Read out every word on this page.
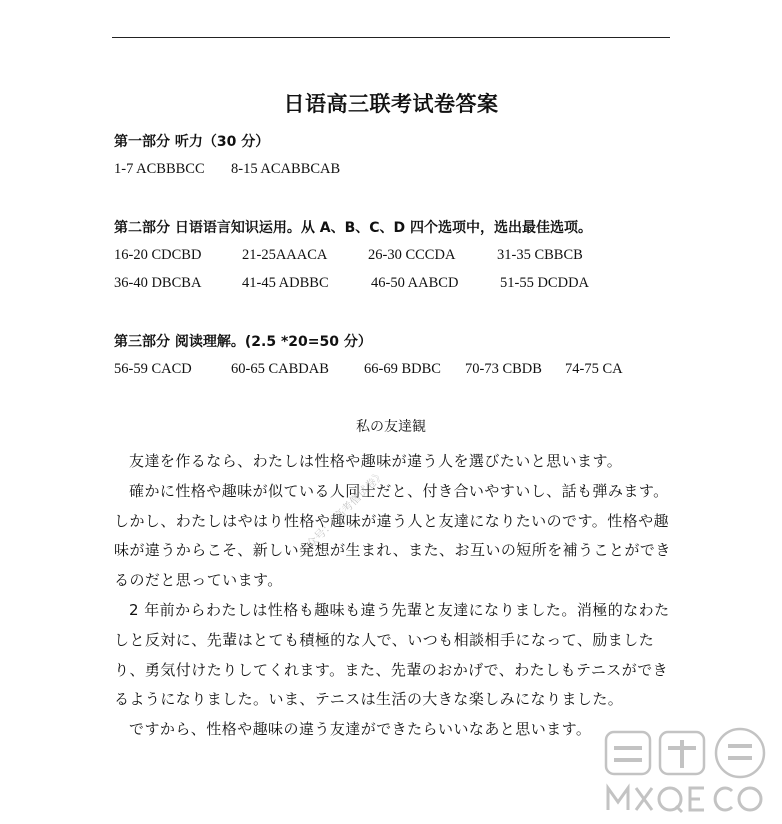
日语高三联考试卷答案
第一部分 听力（30 分）
1-7 ACBBBCC 8-15 ACABBCAB
第二部分 日语语言知识运用。从 A、B、C、D 四个选项中，选出最佳选项。
16-20 CDCBD	21-25AAACA	26-30 CCCDA	31-35 CBBCB
36-40 DBCBA	41-45 ADBBC	46-50 AABCD	51-55 DCDDA
第三部分 阅读理解。(2.5 *20=50 分）
56-59 CACD	60-65 CABDAB 66-69 BDBC 70-73 CBDB 74-75 CA
私の友達観

友達を作るなら、わたしは性格や趣味が違う人を選びたいと思います。

確かに性格や趣味が似ている人同士だと、付き合いやすいし、話も弾みます。しかし、わたしはやはり性格や趣味が違う人と友達になりたいのです。性格や趣味が違うからこそ、新しい発想が生まれ、また、お互いの短所を補うことができるのだと思っています。

2 年前からわたしは性格も趣味も違う先輩と友達になりました。消極的なわたしと反対に、先輩はとても積極的な人で、いつも相談相手になって、励ましたり、勇気付けたりしてくれます。また、先輩のおかげで、わたしもテニスができるようになりました。いま、テニスは生活の大きな楽しみになりました。

ですから、性格や趣味の違う友達ができたらいいなあと思います。

公众号：《高考僧试卷》
